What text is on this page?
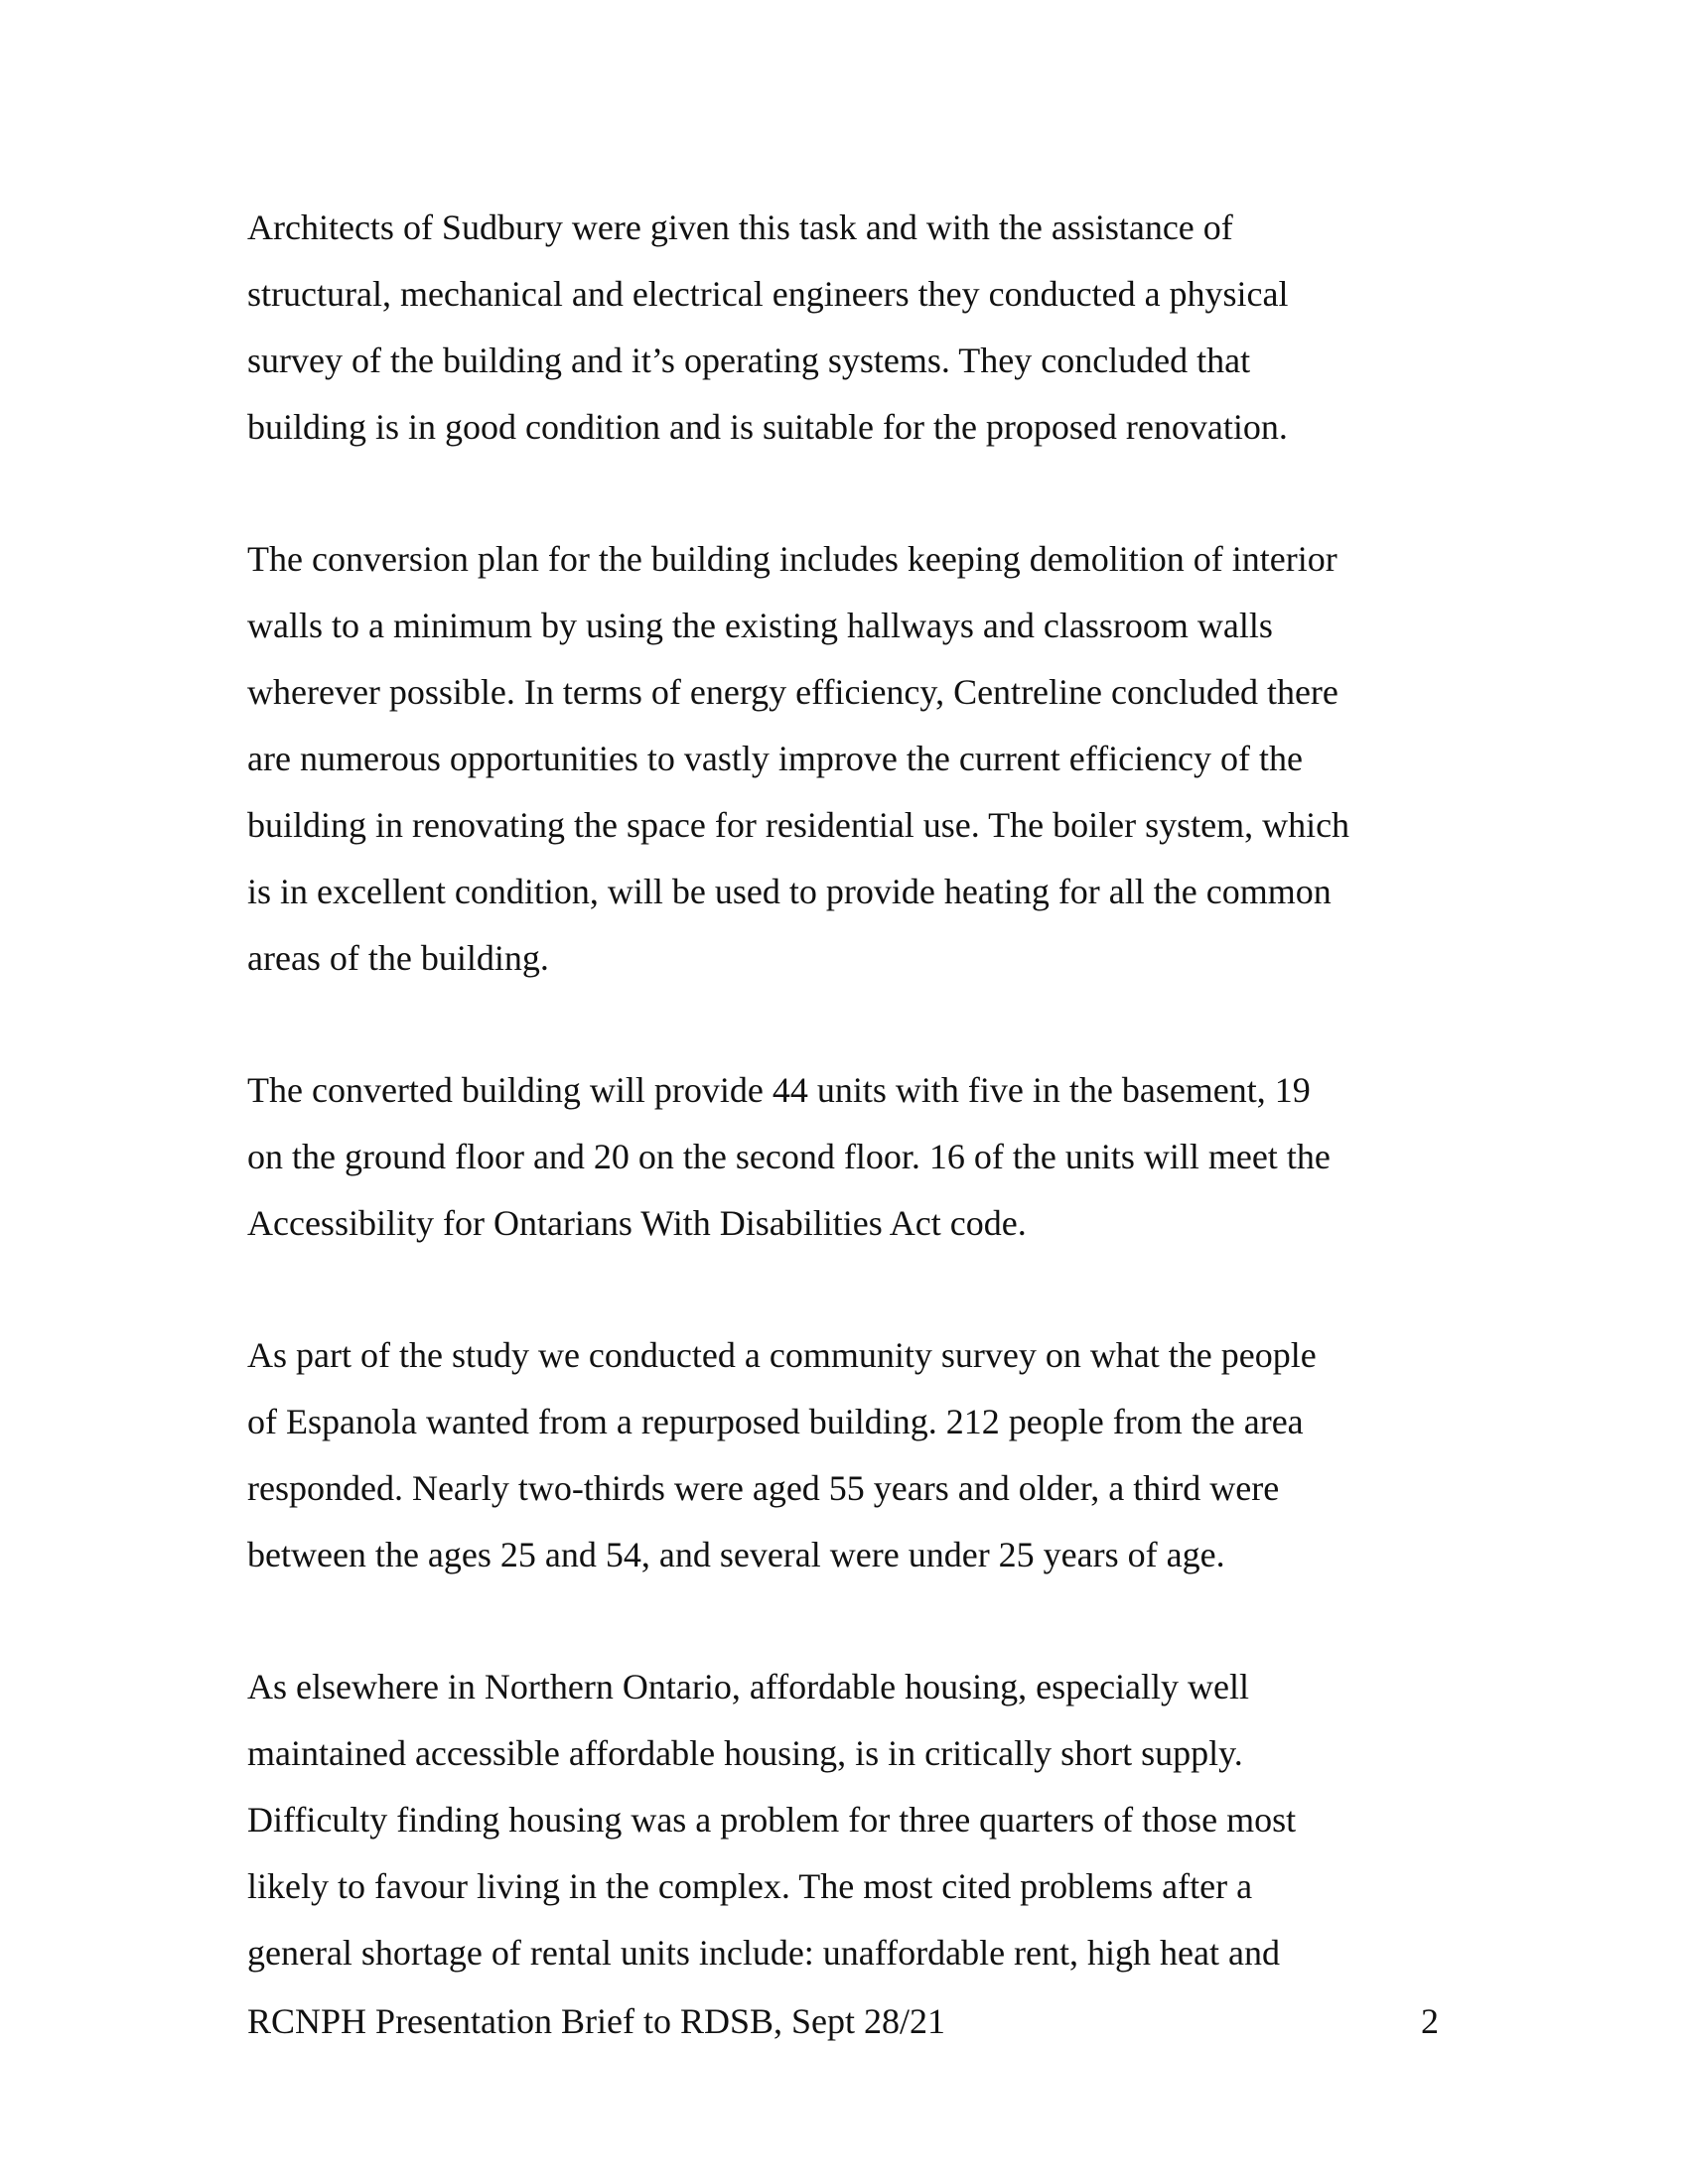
Architects of Sudbury were given this task and with the assistance of
structural, mechanical and electrical engineers they conducted a physical
survey of the building and it’s operating systems. They concluded that
building is in good condition and is suitable for the proposed renovation.

The conversion plan for the building includes keeping demolition of interior
walls to a minimum by using the existing hallways and classroom walls
wherever possible. In terms of energy efficiency, Centreline concluded there
are numerous opportunities to vastly improve the current efficiency of the
building in renovating the space for residential use. The boiler system, which
is in excellent condition, will be used to provide heating for all the common
areas of the building.

The converted building will provide 44 units with five in the basement, 19
on the ground floor and 20 on the second floor. 16 of the units will meet the
Accessibility for Ontarians With Disabilities Act code.

As part of the study we conducted a community survey on what the people
of Espanola wanted from a repurposed building. 212 people from the area
responded. Nearly two-thirds were aged 55 years and older, a third were
between the ages 25 and 54, and several were under 25 years of age.

As elsewhere in Northern Ontario, affordable housing, especially well
maintained accessible affordable housing, is in critically short supply.
Difficulty finding housing was a problem for three quarters of those most
likely to favour living in the complex. The most cited problems after a
general shortage of rental units include: unaffordable rent, high heat and

RCNPH Presentation Brief to RDSB, Sept 28/21	2
